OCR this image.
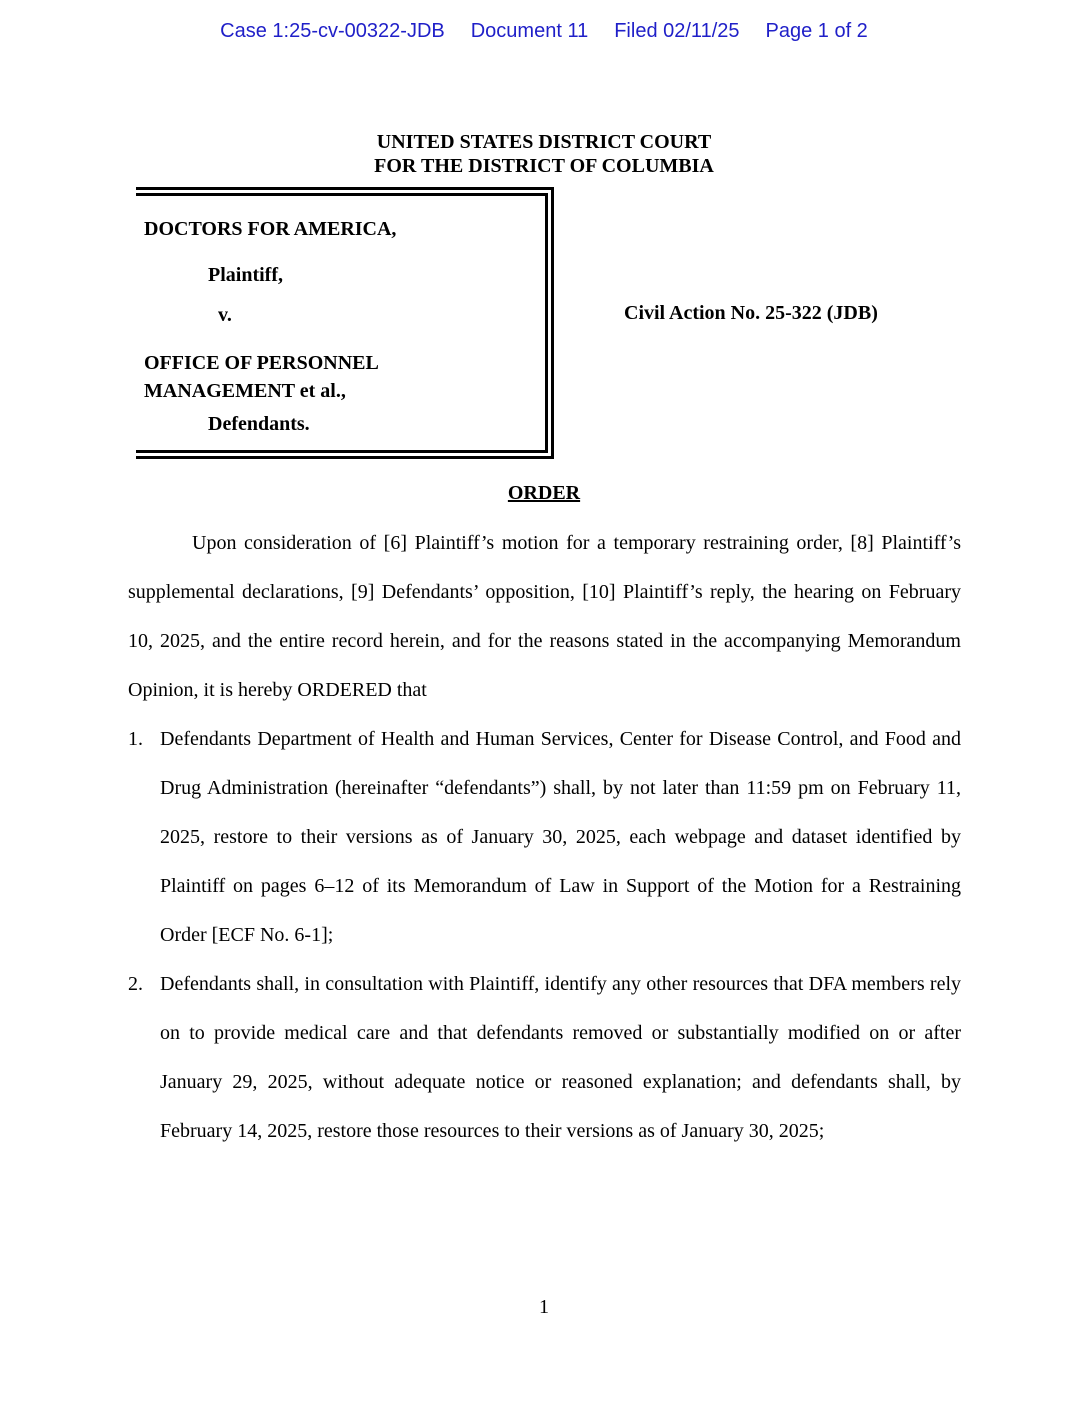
Case 1:25-cv-00322-JDB Document 11 Filed 02/11/25 Page 1 of 2
UNITED STATES DISTRICT COURT
FOR THE DISTRICT OF COLUMBIA
DOCTORS FOR AMERICA,
Plaintiff,
v.
OFFICE OF PERSONNEL
MANAGEMENT et al.,
Defendants.
Civil Action No. 25-322 (JDB)
ORDER
Upon consideration of [6] Plaintiff’s motion for a temporary restraining order, [8] Plaintiff’s supplemental declarations, [9] Defendants’ opposition, [10] Plaintiff’s reply, the hearing on February 10, 2025, and the entire record herein, and for the reasons stated in the accompanying Memorandum Opinion, it is hereby ORDERED that
1. Defendants Department of Health and Human Services, Center for Disease Control, and Food and Drug Administration (hereinafter “defendants”) shall, by not later than 11:59 pm on February 11, 2025, restore to their versions as of January 30, 2025, each webpage and dataset identified by Plaintiff on pages 6–12 of its Memorandum of Law in Support of the Motion for a Restraining Order [ECF No. 6-1];
2. Defendants shall, in consultation with Plaintiff, identify any other resources that DFA members rely on to provide medical care and that defendants removed or substantially modified on or after January 29, 2025, without adequate notice or reasoned explanation; and defendants shall, by February 14, 2025, restore those resources to their versions as of January 30, 2025;
1
